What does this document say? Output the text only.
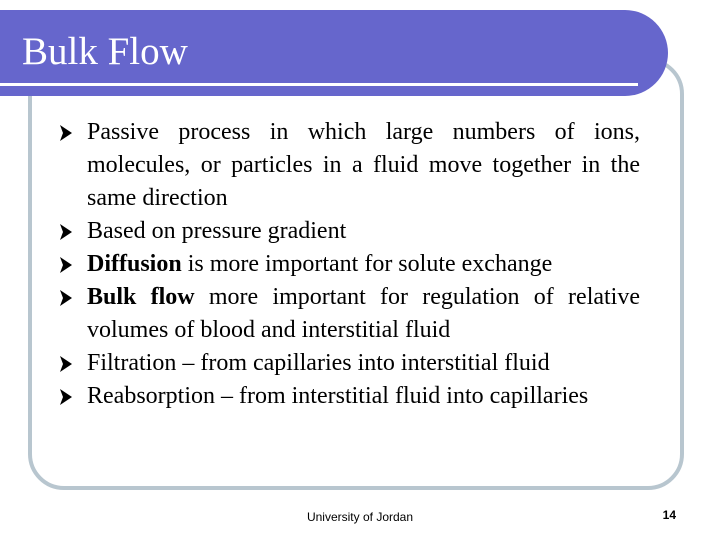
Bulk Flow
Passive process in which large numbers of ions, molecules, or particles in a fluid move together in the same direction
Based on pressure gradient
Diffusion is more important for solute exchange
Bulk flow more important for regulation of relative volumes of blood and interstitial fluid
Filtration – from capillaries into interstitial fluid
Reabsorption – from interstitial fluid into capillaries
University of Jordan	14
